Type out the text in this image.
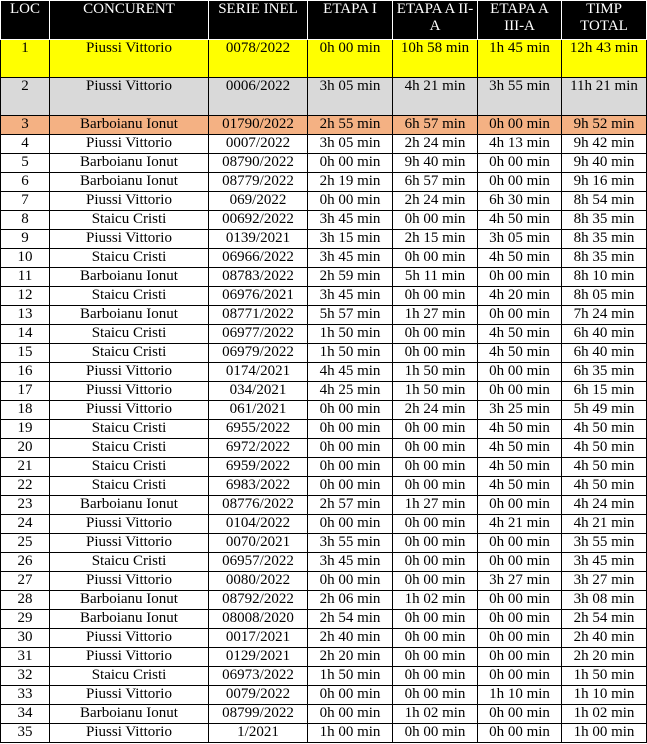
LOC	CONCURENT	SERIE INEL	ETAPA I	ETAPA A II-A	ETAPA A III-A	TIMP TOTAL
1	Piussi Vittorio	0078/2022	0h 00 min	10h 58 min	1h 45 min	12h 43 min
2	Piussi Vittorio	0006/2022	3h 05 min	4h 21 min	3h 55 min	11h 21 min
3	Barboianu Ionut	01790/2022	2h 55 min	6h 57 min	0h 00 min	9h 52 min
4	Piussi Vittorio	0007/2022	3h 05 min	2h 24 min	4h 13 min	9h 42 min
5	Barboianu Ionut	08790/2022	0h 00 min	9h 40 min	0h 00 min	9h 40 min
6	Barboianu Ionut	08779/2022	2h 19 min	6h 57 min	0h 00 min	9h 16 min
7	Piussi Vittorio	069/2022	0h 00 min	2h 24 min	6h 30 min	8h 54 min
8	Staicu Cristi	00692/2022	3h 45 min	0h 00 min	4h 50 min	8h 35 min
9	Piussi Vittorio	0139/2021	3h 15 min	2h 15 min	3h 05 min	8h 35 min
10	Staicu Cristi	06966/2022	3h 45 min	0h 00 min	4h 50 min	8h 35 min
11	Barboianu Ionut	08783/2022	2h 59 min	5h 11 min	0h 00 min	8h 10 min
12	Staicu Cristi	06976/2021	3h 45 min	0h 00 min	4h 20 min	8h 05 min
13	Barboianu Ionut	08771/2022	5h 57 min	1h 27 min	0h 00 min	7h 24 min
14	Staicu Cristi	06977/2022	1h 50 min	0h 00 min	4h 50 min	6h 40 min
15	Staicu Cristi	06979/2022	1h 50 min	0h 00 min	4h 50 min	6h 40 min
16	Piussi Vittorio	0174/2021	4h 45 min	1h 50 min	0h 00 min	6h 35 min
17	Piussi Vittorio	034/2021	4h 25 min	1h 50 min	0h 00 min	6h 15 min
18	Piussi Vittorio	061/2021	0h 00 min	2h 24 min	3h 25 min	5h 49 min
19	Staicu Cristi	6955/2022	0h 00 min	0h 00 min	4h 50 min	4h 50 min
20	Staicu Cristi	6972/2022	0h 00 min	0h 00 min	4h 50 min	4h 50 min
21	Staicu Cristi	6959/2022	0h 00 min	0h 00 min	4h 50 min	4h 50 min
22	Staicu Cristi	6983/2022	0h 00 min	0h 00 min	4h 50 min	4h 50 min
23	Barboianu Ionut	08776/2022	2h 57 min	1h 27 min	0h 00 min	4h 24 min
24	Piussi Vittorio	0104/2022	0h 00 min	0h 00 min	4h 21 min	4h 21 min
25	Piussi Vittorio	0070/2021	3h 55 min	0h 00 min	0h 00 min	3h 55 min
26	Staicu Cristi	06957/2022	3h 45 min	0h 00 min	0h 00 min	3h 45 min
27	Piussi Vittorio	0080/2022	0h 00 min	0h 00 min	3h 27 min	3h 27 min
28	Barboianu Ionut	08792/2022	2h 06 min	1h 02 min	0h 00 min	3h 08 min
29	Barboianu Ionut	08008/2020	2h 54 min	0h 00 min	0h 00 min	2h 54 min
30	Piussi Vittorio	0017/2021	2h 40 min	0h 00 min	0h 00 min	2h 40 min
31	Piussi Vittorio	0129/2021	2h 20 min	0h 00 min	0h 00 min	2h 20 min
32	Staicu Cristi	06973/2022	1h 50 min	0h 00 min	0h 00 min	1h 50 min
33	Piussi Vittorio	0079/2022	0h 00 min	0h 00 min	1h 10 min	1h 10 min
34	Barboianu Ionut	08799/2022	0h 00 min	1h 02 min	0h 00 min	1h 02 min
35	Piussi Vittorio	1/2021	1h 00 min	0h 00 min	0h 00 min	1h 00 min
